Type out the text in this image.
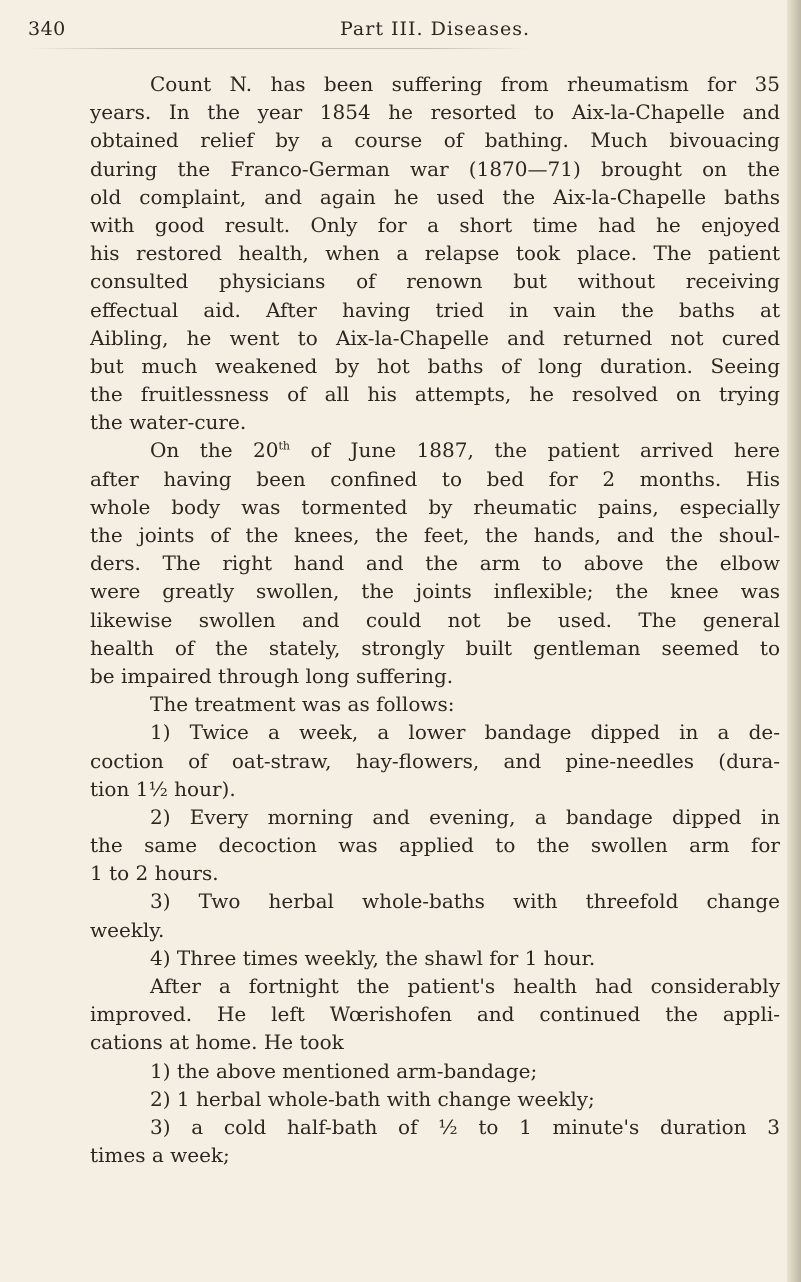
340	Part III. Diseases.
Count N. has been suffering from rheumatism for 35
years. In the year 1854 he resorted to Aix-la-Chapelle and
obtained relief by a course of bathing. Much bivouacing
during the Franco-German war (1870—71) brought on the
old complaint, and again he used the Aix-la-Chapelle baths
with good result. Only for a short time had he enjoyed
his restored health, when a relapse took place. The patient
consulted physicians of renown but without receiving
effectual aid. After having tried in vain the baths at
Aibling, he went to Aix-la-Chapelle and returned not cured
but much weakened by hot baths of long duration. Seeing
the fruitlessness of all his attempts, he resolved on trying
the water-cure.
On the 20th of June 1887, the patient arrived here
after having been confined to bed for 2 months. His
whole body was tormented by rheumatic pains, especially
the joints of the knees, the feet, the hands, and the shoul-
ders. The right hand and the arm to above the elbow
were greatly swollen, the joints inflexible; the knee was
likewise swollen and could not be used. The general
health of the stately, strongly built gentleman seemed to
be impaired through long suffering.
The treatment was as follows:
1) Twice a week, a lower bandage dipped in a de-
coction of oat-straw, hay-flowers, and pine-needles (dura-
tion 1½ hour).
2) Every morning and evening, a bandage dipped in
the same decoction was applied to the swollen arm for
1 to 2 hours.
3) Two herbal whole-baths with threefold change
weekly.
4) Three times weekly, the shawl for 1 hour.
After a fortnight the patient's health had considerably
improved. He left Wœrishofen and continued the appli-
cations at home. He took
1) the above mentioned arm-bandage;
2) 1 herbal whole-bath with change weekly;
3) a cold half-bath of ½ to 1 minute's duration 3
times a week;
